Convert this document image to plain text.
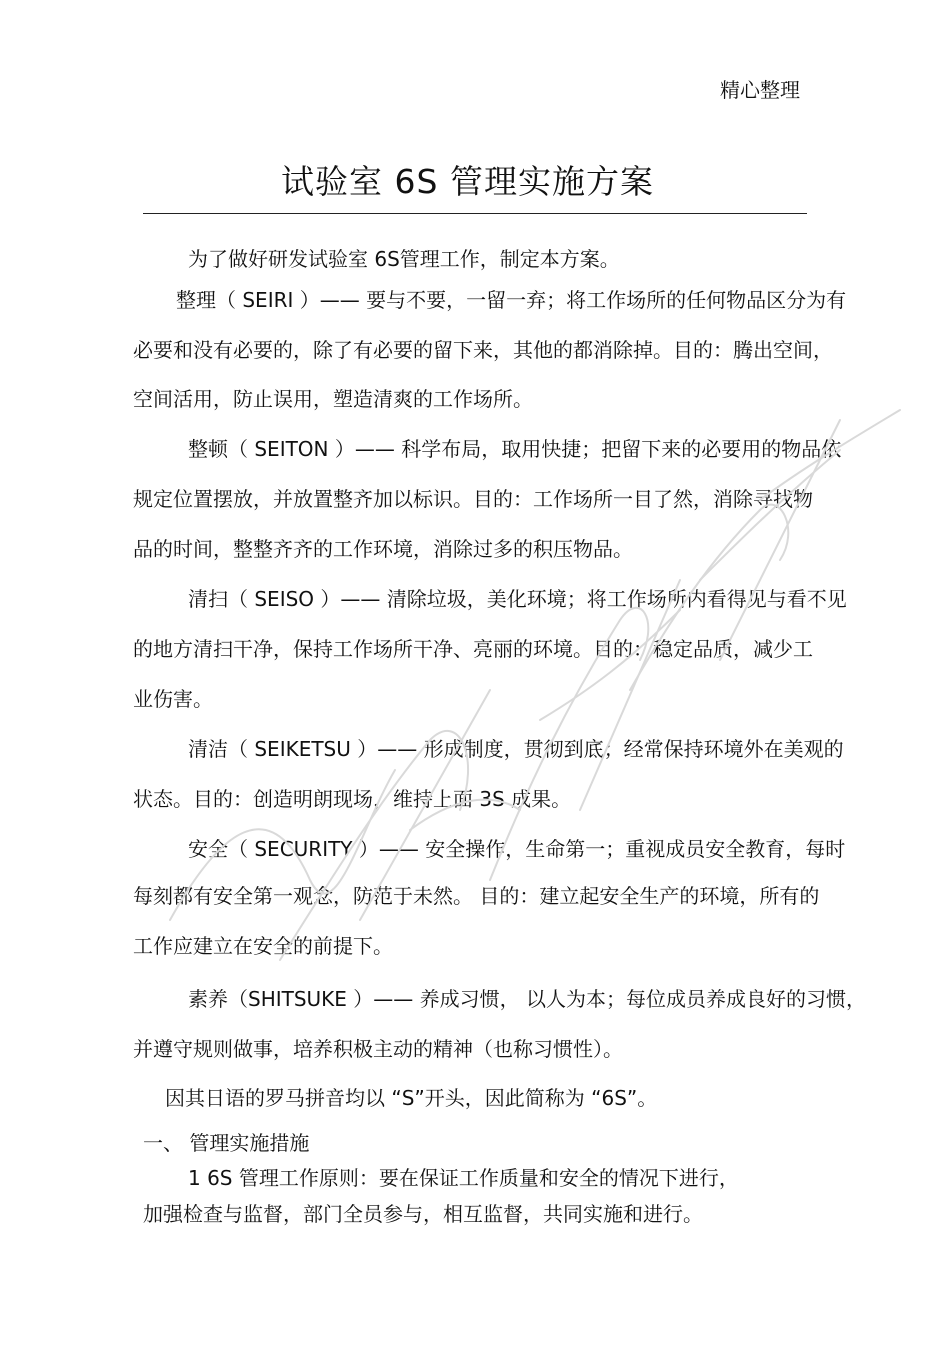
精心整理
试验室 6S 管理实施方案
为了做好研发试验室 6S管理工作，制定本方案。
整理（ SEIRI ）—— 要与不要，一留一弃；将工作场所的任何物品区分为有
必要和没有必要的，除了有必要的留下来，其他的都消除掉。目的：腾出空间，
空间活用，防止误用，塑造清爽的工作场所。
整顿（ SEITON ）—— 科学布局，取用快捷；把留下来的必要用的物品依
规定位置摆放，并放置整齐加以标识。目的：工作场所一目了然，消除寻找物
品的时间，整整齐齐的工作环境，消除过多的积压物品。
清扫（ SEISO ）—— 清除垃圾，美化环境；将工作场所内看得见与看不见
的地方清扫干净，保持工作场所干净、亮丽的环境。目的：稳定品质，减少工
业伤害。
清洁（ SEIKETSU ）—— 形成制度，贯彻到底；经常保持环境外在美观的
状态。目的：创造明朗现场，维持上面 3S 成果。
安全（ SECURITY ）—— 安全操作，生命第一；重视成员安全教育，每时
每刻都有安全第一观念，防范于未然。 目的：建立起安全生产的环境，所有的
工作应建立在安全的前提下。
素养（SHITSUKE ）—— 养成习惯， 以人为本；每位成员养成良好的习惯，
并遵守规则做事，培养积极主动的精神（也称习惯性）。
因其日语的罗马拼音均以 “S”开头，因此简称为 “6S”。
一、 管理实施措施
1 6S 管理工作原则：要在保证工作质量和安全的情况下进行，
加强检查与监督，部门全员参与，相互监督，共同实施和进行。
